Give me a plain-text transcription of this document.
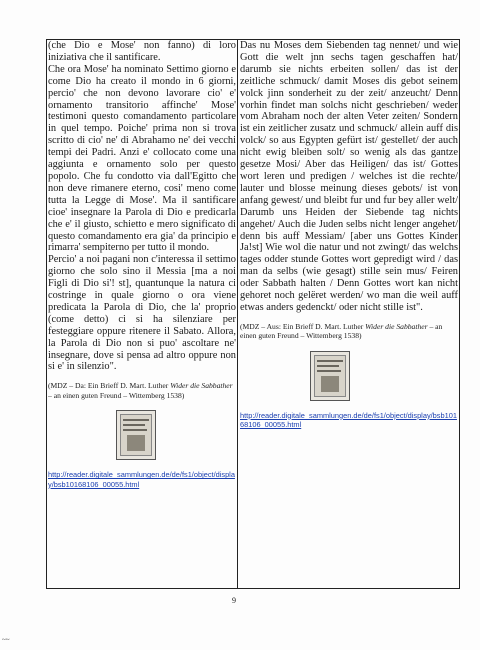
(che Dio e Mose' non fanno) di loro iniziativa che il santificare.

Che ora Mose' ha nominato Settimo giorno e come Dio ha creato il mondo in 6 giorni, percio' che non devono lavorare cio' e' ornamento transitorio affinche' Mose' testimoni questo comandamento particolare in quel tempo. Poiche' prima non si trova scritto di cio' ne' di Abrahamo ne' dei vecchi tempi dei Padri. Anzi e' collocato come una aggiunta e ornamento solo per questo popolo. Che fu condotto via dall'Egitto che non deve rimanere eterno, cosi' meno come tutta la Legge di Mose'. Ma il santificare cioe' insegnare la Parola di Dio e predicarla che e' il giusto, schietto e mero significato di questo comandamento era gia' da principio e rimarra' sempiterno per tutto il mondo.

Percio' a noi pagani non c'interessa il settimo giorno che solo sino il Messia [ma a noi Figli di Dio si'! st], quantunque la natura ci costringe in quale giorno o ora viene predicata la Parola di Dio, che la' proprio (come detto) ci si ha silenziare per festeggiare oppure ritenere il Sabato. Allora, la Parola di Dio non si puo' ascoltare ne' insegnare, dove si pensa ad altro oppure non si e' in silenzio".

(MDZ – Da: Ein Brieff D. Mart. Luther Wider die Sabbather – an einen guten Freund – Wittemberg 1538)
http://reader.digitale_sammlungen.de/de/fs1/object/display/bsb10168106_00055.html

Das nu Moses dem Siebenden tag nennet/ und wie Gott die welt jnn sechs tagen geschaffen hat/ darumb sie nichts erbeiten sollen/ das ist der zeitliche schmuck/ damit Moses dis gebot seinem volck jinn sonderheit zu der zeit/ anzeucht/ Denn vorhin findet man solchs nicht geschrieben/ weder vom Abraham noch der alten Veter zeiten/ Sondern ist ein zeitlicher zusatz und schmuck/ allein auff dis volck/ so aus Egypten gefürt ist/ gestellet/ der auch nicht ewig bleiben solt/ so wenig als das gantze gesetze Mosi/ Aber das Heiligen/ das ist/ Gottes wort leren und predigen / welches ist die rechte/ lauter und blosse meinung dieses gebots/ ist von anfang gewest/ und bleibt fur und fur bey aller welt/ Darumb uns Heiden der Siebende tag nichts angehet/ Auch die Juden selbs nicht lenger angehet/ denn bis auff Messiam/ [aber uns Gottes Kinder Ja!st] Wie wol die natur und not zwingt/ das welchs tages odder stunde Gottes wort gepredigt wird / das man da selbs (wie gesagt) stille sein mus/ Feiren oder Sabbath halten / Denn Gottes wort kan nicht gehoret noch gelëret werden/ wo man die weil auff etwas anders gedenckt/ oder nicht stille ist".

(MDZ – Aus: Ein Brieff D. Mart. Luther Wider die Sabbather – an einen guten Freund – Wittemberg 1538)
http://reader.digitale_sammlungen.de/de/fs1/object/display/bsb10168106_00055.html
9
~~
